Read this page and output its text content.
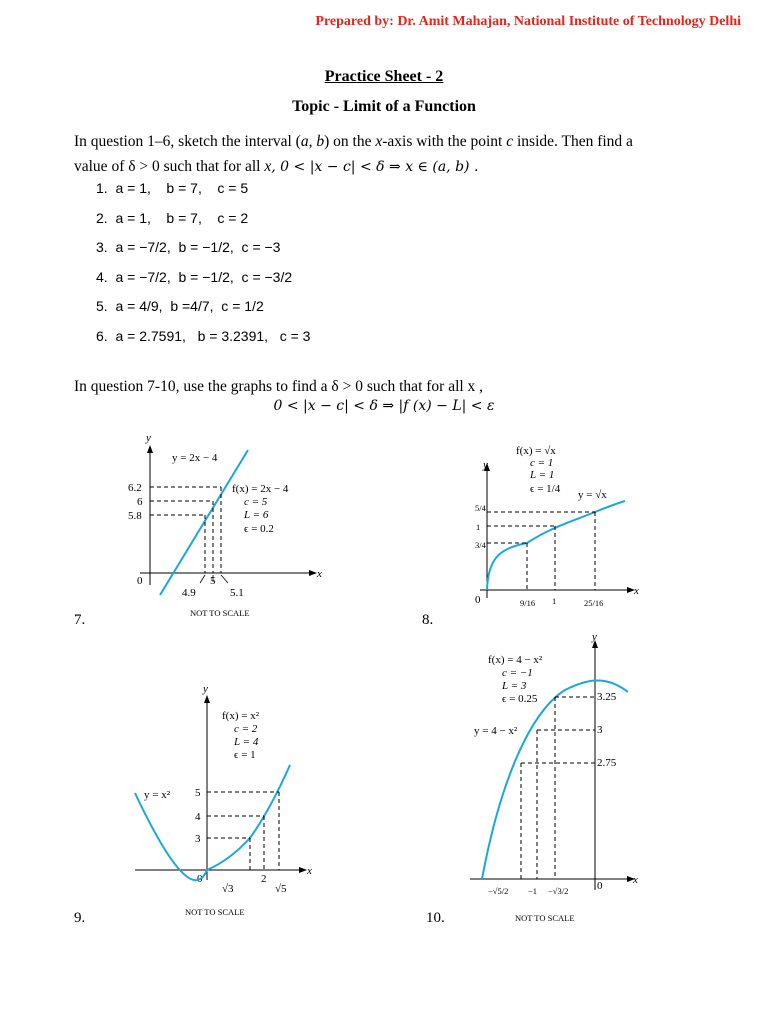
Prepared by: Dr. Amit Mahajan, National Institute of Technology Delhi
Practice Sheet - 2
Topic - Limit of a Function
In question 1–6, sketch the interval (a, b) on the x-axis with the point c inside. Then find a
value of δ > 0 such that for all x, 0 < |x − c| < δ ⇒ x ∈ (a, b) .
1.  a = 1,    b = 7,    c = 5
2.  a = 1,    b = 7,    c = 2
3.  a = −7/2,  b = −1/2,  c = −3
4.  a = −7/2,  b = −1/2,  c = −3/2
5.  a = 4/9,  b =4/7,  c = 1/2
6.  a = 2.7591,   b = 3.2391,   c = 3
In question 7-10, use the graphs to find a δ > 0 such that for all x ,
0 < |x − c| < δ ⇒ |f (x) − L| < ε
7.
y
x
0
6.2
6
5.8
4.9
5
5.1
y = 2x − 4
f(x) = 2x − 4
c = 5
L = 6
ϵ = 0.2
NOT TO SCALE	8.
y
x
0
5/4
1
3/4
9/16 1	25/16
f(x) = √x
c = 1
L = 1
ϵ = 1/4 y = √x
9.
y
x
0
5
4
3
√3
2
√5
y = x²
f(x) = x²
c = 2
L = 4
ϵ = 1
NOT TO SCALE	10.
y
x
0
3.25
3
2.75
−√5/2 −1 −√3/2
f(x) = 4 − x²
c = −1
L = 3
ϵ = 0.25
y = 4 − x²
NOT TO SCALE
